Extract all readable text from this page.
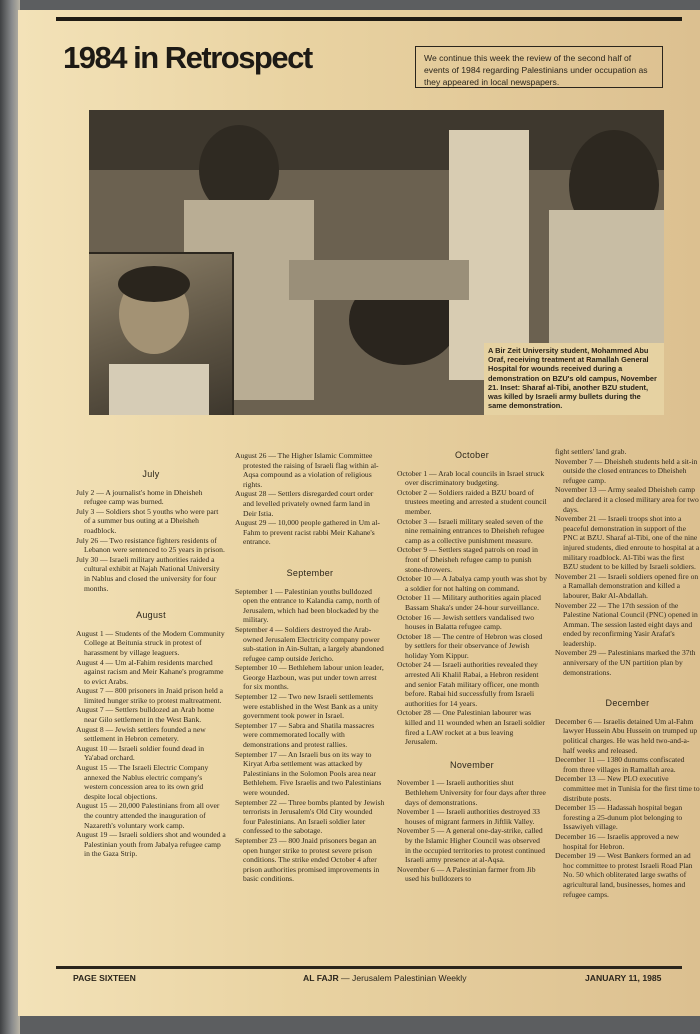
1984 in Retrospect	We continue this week the review of the second half of events of 1984 regarding Palestinians under occupation as they appeared in local newspapers.
A Bir Zeit University student, Mohammed Abu Oraf, receiving treatment at Ramallah General Hospital for wounds received during a demonstration on BZU's old campus, November 21. Inset: Sharaf al-Tibi, another BZU student, was killed by Israeli army bullets during the same demonstration.
July
July 2 — A journalist's home in Dheisheh refugee camp was burned.
July 3 — Soldiers shot 5 youths who were part of a summer bus outing at a Dheisheh roadblock.
July 26 — Two resistance fighters residents of Lebanon were sentenced to 25 years in prison.
July 30 — Israeli military authorities raided a cultural exhibit at Najah National University in Nablus and closed the university for four months.
August
August 1 — Students of the Modern Community College at Beitunia struck in protest of harassment by village leaguers.
August 4 — Um al-Fahim residents marched against racism and Meir Kahane's programme to evict Arabs.
August 7 — 800 prisoners in Jnaid prison held a limited hunger strike to protest maltreatment.
August 7 — Settlers bulldozed an Arab home near Gilo settlement in the West Bank.
August 8 — Jewish settlers founded a new settlement in Hebron cemetery.
August 10 — Israeli soldier found dead in Ya'abad orchard.
August 15 — The Israeli Electric Company annexed the Nablus electric company's western concession area to its own grid despite local objections.
August 15 — 20,000 Palestinians from all over the country attended the inauguration of Nazareth's voluntary work camp.
August 19 — Israeli soldiers shot and wounded a Palestinian youth from Jabalya refugee camp in the Gaza Strip.
August 26 — The Higher Islamic Committee protested the raising of Israeli flag within al-Aqsa compound as a violation of religious rights.
August 28 — Settlers disregarded court order and levelled privately owned farm land in Deir Istia.
August 29 — 10,000 people gathered in Um al-Fahm to prevent racist rabbi Meir Kahane's entrance.
September
September 1 — Palestinian youths bulldozed open the entrance to Kalandia camp, north of Jerusalem, which had been blockaded by the military.
September 4 — Soldiers destroyed the Arab-owned Jerusalem Electricity company power sub-station in Ain-Sultan, a largely abandoned refugee camp outside Jericho.
September 10 — Bethlehem labour union leader, George Hazboun, was put under town arrest for six months.
September 12 — Two new Israeli settlements were established in the West Bank as a unity government took power in Israel.
September 17 — Sabra and Shatila massacres were commemorated locally with demonstrations and protest rallies.
September 17 — An Israeli bus on its way to Kiryat Arba settlement was attacked by Palestinians in the Solomon Pools area near Bethlehem. Five Israelis and two Palestinians were wounded.
September 22 — Three bombs planted by Jewish terrorists in Jerusalem's Old City wounded four Palestinians. An Israeli soldier later confessed to the sabotage.
September 23 — 800 Jnaid prisoners began an open hunger strike to protest severe prison conditions. The strike ended October 4 after prison authorities promised improvements in basic conditions.
October
October 1 — Arab local councils in Israel struck over discriminatory budgeting.
October 2 — Soldiers raided a BZU board of trustees meeting and arrested a student council member.
October 3 — Israeli military sealed seven of the nine remaining entrances to Dheisheh refugee camp as a collective punishment measure.
October 9 — Settlers staged patrols on road in front of Dheisheh refugee camp to punish stone-throwers.
October 10 — A Jabalya camp youth was shot by a soldier for not halting on command.
October 11 — Military authorities again placed Bassam Shaka's under 24-hour surveillance.
October 16 — Jewish settlers vandalised two houses in Balatta refugee camp.
October 18 — The centre of Hebron was closed by settlers for their observance of Jewish holiday Yom Kippur.
October 24 — Israeli authorities revealed they arrested Ali Khalil Rabai, a Hebron resident and senior Fatah military officer, one month before. Rabai hid successfully from Israeli authorities for 14 years.
October 28 — One Palestinian labourer was killed and 11 wounded when an Israeli soldier fired a LAW rocket at a bus leaving Jerusalem.
November
November 1 — Israeli authorities shut Bethlehem University for four days after three days of demonstrations.
November 1 — Israeli authorities destroyed 33 houses of migrant farmers in Jiftlik Valley.
November 5 — A general one-day-strike, called by the Islamic Higher Council was observed in the occupied territories to protest continued Israeli army presence at al-Aqsa.
November 6 — A Palestinian farmer from Jib used his bulldozers to
fight settlers' land grab.
November 7 — Dheisheh students held a sit-in outside the closed entrances to Dheisheh refugee camp.
November 13 — Army sealed Dheisheh camp and declared it a closed military area for two days.
November 21 — Israeli troops shot into a peaceful demonstration in support of the PNC at BZU. Sharaf al-Tibi, one of the nine injured students, died enroute to hospital at a military roadblock. Al-Tibi was the first BZU student to be killed by Israeli soldiers.
November 21 — Israeli soldiers opened fire on a Ramallah demonstration and killed a labourer, Bakr Al-Abdallah.
November 22 — The 17th session of the Palestine National Council (PNC) opened in Amman. The session lasted eight days and ended by reconfirming Yasir Arafat's leadership.
November 29 — Palestinians marked the 37th anniversary of the UN partition plan by demonstrations.
December
December 6 — Israelis detained Um al-Fahm lawyer Hussein Abu Hussein on trumped up political charges. He was held two-and-a-half weeks and released.
December 11 — 1380 dunums confiscated from three villages in Ramallah area.
December 13 — New PLO executive committee met in Tunisia for the first time to distribute posts.
December 15 — Hadassah hospital began foresting a 25-dunum plot belonging to Issawiyeh village.
December 16 — Israelis approved a new hospital for Hebron.
December 19 — West Bankers formed an ad hoc committee to protest Israeli Road Plan No. 50 which obliterated large swaths of agricultural land, businesses, homes and refugee camps.
PAGE SIXTEEN	AL FAJR — Jerusalem Palestinian Weekly	JANUARY 11, 1985
